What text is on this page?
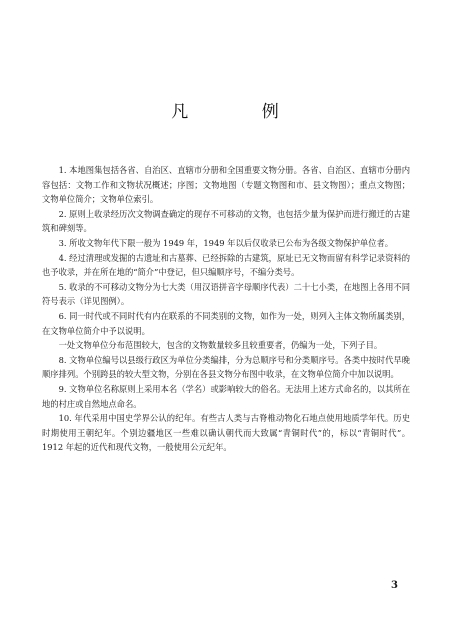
凡 例

1. 本地图集包括各省、自治区、直辖市分册和全国重要文物分册。各省、自治区、直辖市分册内容包括：文物工作和文物状况概述；序图；文物地图（专题文物图和市、县文物图）；重点文物图；文物单位简介；文物单位索引。

2. 原则上收录经历次文物调查确定的现存不可移动的文物，也包括少量为保护而进行搬迁的古建筑和碑刻等。

3. 所收文物年代下限一般为 1949 年，1949 年以后仅收录已公布为各级文物保护单位者。

4. 经过清理或发掘的古遗址和古墓葬、已经拆除的古建筑，原址已无文物而留有科学记录资料的也予收录，并在所在地的“简介”中登记，但只编顺序号，不编分类号。

5. 收录的不可移动文物分为七大类（用汉语拼音字母顺序代表）二十七小类，在地图上各用不同符号表示（详见图例）。

6. 同一时代或不同时代有内在联系的不同类别的文物，如作为一处，则列入主体文物所属类别，在文物单位简介中予以说明。

一处文物单位分布范围较大，包含的文物数量较多且较重要者，仍编为一处，下列子目。

8. 文物单位编号以县级行政区为单位分类编排，分为总顺序号和分类顺序号。各类中按时代早晚顺序排列。个别跨县的较大型文物，分别在各县文物分布图中收录，在文物单位简介中加以说明。

9. 文物单位名称原则上采用本名（学名）或影响较大的俗名。无法用上述方式命名的，以其所在地的村庄或自然地点命名。

10. 年代采用中国史学界公认的纪年。有些古人类与古脊椎动物化石地点使用地质学年代。历史时期使用王朝纪年。个别边疆地区一些难以确认朝代而大致属“青铜时代”的，标以“青铜时代”。1912 年起的近代和现代文物，一般使用公元纪年。

3
